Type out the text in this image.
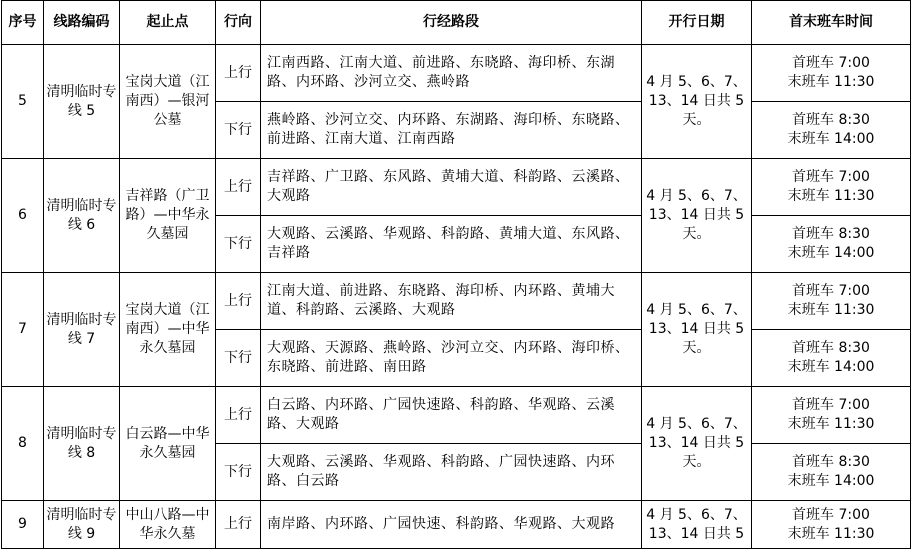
序号	线路编码	起止点	行向	行经路段	开行日期	首末班车时间
5	清明临时专线 5	宝岗大道（江南西）—银河公墓	上行	江南西路、江南大道、前进路、东晓路、海印桥、东湖路、内环路、沙河立交、燕岭路	4 月 5、6、7、13、14 日共 5 天。	首班车 7:00
末班车 11:30

			下行	燕岭路、沙河立交、内环路、东湖路、海印桥、东晓路、前进路、江南大道、江南西路		首班车 8:30
末班车 14:00

6	清明临时专线 6	吉祥路（广卫路）—中华永久墓园	上行	吉祥路、广卫路、东风路、黄埔大道、科韵路、云溪路、大观路	4 月 5、6、7、13、14 日共 5 天。	首班车 7:00
末班车 11:30

			下行	大观路、云溪路、华观路、科韵路、黄埔大道、东风路、吉祥路		首班车 8:30
末班车 14:00

7	清明临时专线 7	宝岗大道（江南西）—中华永久墓园	上行	江南大道、前进路、东晓路、海印桥、内环路、黄埔大道、科韵路、云溪路、大观路	4 月 5、6、7、13、14 日共 5 天。	首班车 7:00
末班车 11:30

			下行	大观路、天源路、燕岭路、沙河立交、内环路、海印桥、东晓路、前进路、南田路		首班车 8:30
末班车 14:00

8	清明临时专线 8	白云路—中华永久墓园	上行	白云路、内环路、广园快速路、科韵路、华观路、云溪路、大观路	4 月 5、6、7、13、14 日共 5 天。	首班车 7:00
末班车 11:30

			下行	大观路、云溪路、华观路、科韵路、广园快速路、内环路、白云路		首班车 8:30
末班车 14:00

9	清明临时专线 9	中山八路—中华永久墓	上行	南岸路、内环路、广园快速、科韵路、华观路、大观路	4 月 5、6、7、13、14 日共 5	首班车 7:00
末班车 11:30
